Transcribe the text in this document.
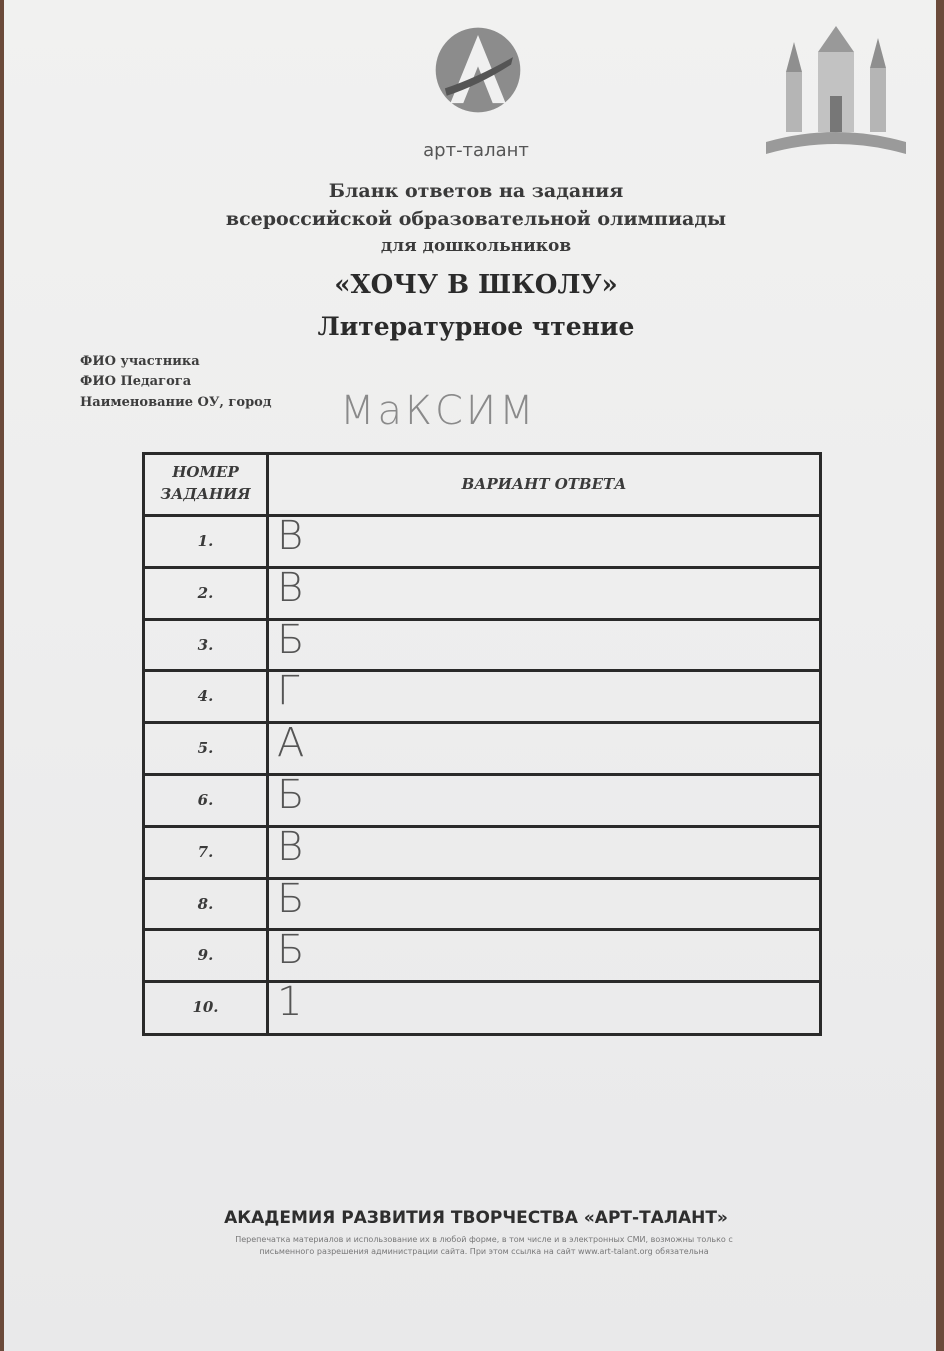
арт-талант
Бланк ответов на задания
всероссийской образовательной олимпиады
для дошкольников
«ХОЧУ В ШКОЛУ»
Литературное чтение
ФИО участника
ФИО Педагога
Наименование ОУ, город МаКСИМ
НОМЕР
ЗАДАНИЯ
ВАРИАНТ ОТВЕТА
1.	В
2.	В
3.	Б
4.	Г
5.	А
6.	Б
7.	В
8.	Б
9.	Б
10.	1
АКАДЕМИЯ РАЗВИТИЯ ТВОРЧЕСТВА «АРТ-ТАЛАНТ»
Перепечатка материалов и использование их в любой форме, в том числе и в электронных СМИ, возможны только с
письменного разрешения администрации сайта. При этом ссылка на сайт www.art-talant.org обязательна
